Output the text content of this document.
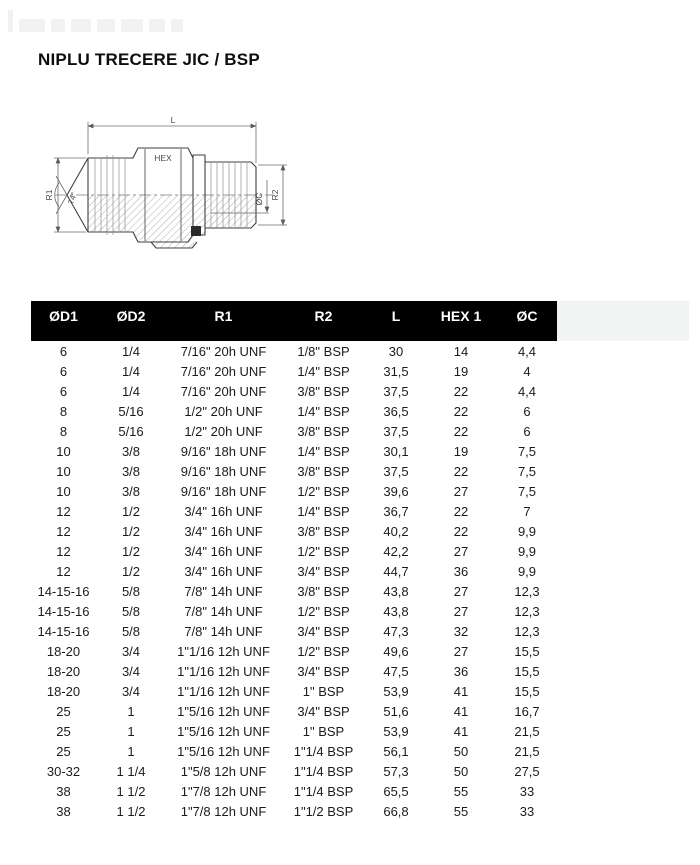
NIPLU TRECERE JIC / BSP
L
HEX
R1 74°	ØC R2
ØD1	ØD2	R1	R2	L	HEX 1	ØC
6	1/4	7/16" 20h UNF	1/8" BSP	30	14	4,4
6	1/4	7/16" 20h UNF	1/4" BSP	31,5	19	4
6	1/4	7/16" 20h UNF	3/8" BSP	37,5	22	4,4
8	5/16	1/2" 20h UNF	1/4" BSP	36,5	22	6
8	5/16	1/2" 20h UNF	3/8" BSP	37,5	22	6
10	3/8	9/16" 18h UNF	1/4" BSP	30,1	19	7,5
10	3/8	9/16" 18h UNF	3/8" BSP	37,5	22	7,5
10	3/8	9/16" 18h UNF	1/2" BSP	39,6	27	7,5
12	1/2	3/4" 16h UNF	1/4" BSP	36,7	22	7
12	1/2	3/4" 16h UNF	3/8" BSP	40,2	22	9,9
12	1/2	3/4" 16h UNF	1/2" BSP	42,2	27	9,9
12	1/2	3/4" 16h UNF	3/4" BSP	44,7	36	9,9
14-15-16	5/8	7/8" 14h UNF	3/8" BSP	43,8	27	12,3
14-15-16	5/8	7/8" 14h UNF	1/2" BSP	43,8	27	12,3
14-15-16	5/8	7/8" 14h UNF	3/4" BSP	47,3	32	12,3
18-20	3/4	1"1/16 12h UNF	1/2" BSP	49,6	27	15,5
18-20	3/4	1"1/16 12h UNF	3/4" BSP	47,5	36	15,5
18-20	3/4	1"1/16 12h UNF	1" BSP	53,9	41	15,5
25	1	1"5/16 12h UNF	3/4" BSP	51,6	41	16,7
25	1	1"5/16 12h UNF	1" BSP	53,9	41	21,5
25	1	1"5/16 12h UNF	1"1/4 BSP	56,1	50	21,5
30-32	1 1/4	1"5/8 12h UNF	1"1/4 BSP	57,3	50	27,5
38	1 1/2	1"7/8 12h UNF	1"1/4 BSP	65,5	55	33
38	1 1/2	1"7/8 12h UNF	1"1/2 BSP	66,8	55	33
